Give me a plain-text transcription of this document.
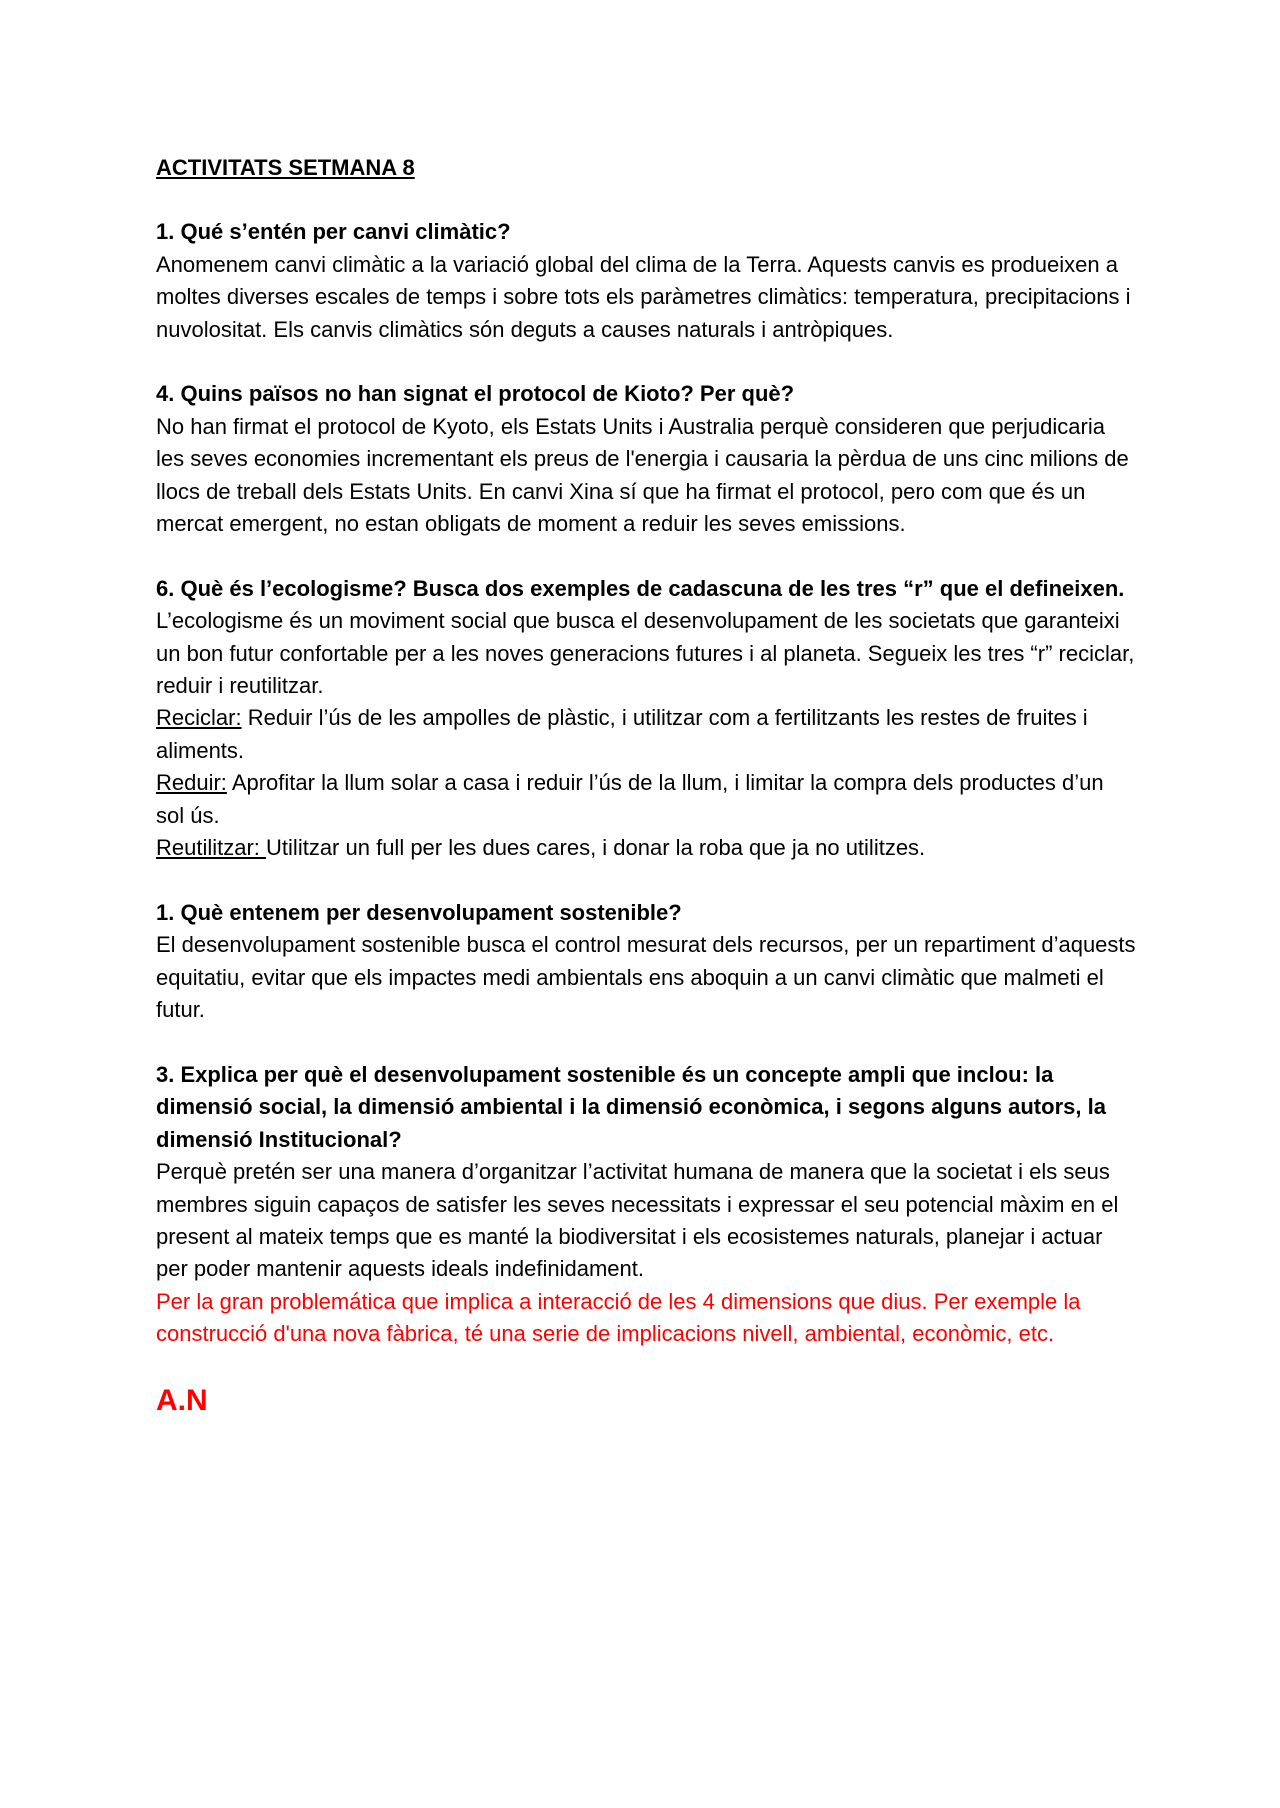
ACTIVITATS SETMANA 8

1. Qué s’entén per canvi climàtic?

Anomenem canvi climàtic a la variació global del clima de la Terra. Aquests canvis es produeixen a moltes diverses escales de temps i sobre tots els paràmetres climàtics: temperatura, precipitacions i nuvolositat. Els canvis climàtics són deguts a causes naturals i antròpiques.

4. Quins països no han signat el protocol de Kioto? Per què?

No han firmat el protocol de Kyoto, els Estats Units i Australia perquè consideren que perjudicaria les seves economies incrementant els preus de l'energia i causaria la pèrdua de uns cinc milions de llocs de treball dels Estats Units. En canvi Xina sí que ha firmat el protocol, pero com que és un mercat emergent, no estan obligats de moment a reduir les seves emissions.

6. Què és l’ecologisme? Busca dos exemples de cadascuna de les tres “r” que el defineixen.

L’ecologisme és un moviment social que busca el desenvolupament de les societats que garanteixi un bon futur confortable per a les noves generacions futures i al planeta. Segueix les tres “r” reciclar, reduir i reutilitzar.

Reciclar: Reduir l’ús de les ampolles de plàstic, i utilitzar com a fertilitzants les restes de fruites i aliments.

Reduir: Aprofitar la llum solar a casa i reduir l’ús de la llum, i limitar la compra dels productes d’un sol ús.

Reutilitzar: Utilitzar un full per les dues cares, i donar la roba que ja no utilitzes.

1. Què entenem per desenvolupament sostenible?

El desenvolupament sostenible busca el control mesurat dels recursos, per un repartiment d’aquests equitatiu, evitar que els impactes medi ambientals ens aboquin a un canvi climàtic que malmeti el futur.

3. Explica per què el desenvolupament sostenible és un concepte ampli que inclou: la dimensió social, la dimensió ambiental i la dimensió econòmica, i segons alguns autors, la dimensió Institucional?

Perquè pretén ser una manera d’organitzar l’activitat humana de manera que la societat i els seus membres siguin capaços de satisfer les seves necessitats i expressar el seu potencial màxim en el present al mateix temps que es manté la biodiversitat i els ecosistemes naturals, planejar i actuar per poder mantenir aquests ideals indefinidament.

Per la gran problemática que implica a interacció de les 4 dimensions que dius. Per exemple la construcció d'una nova fàbrica, té una serie de implicacions nivell, ambiental, econòmic, etc.

A.N
